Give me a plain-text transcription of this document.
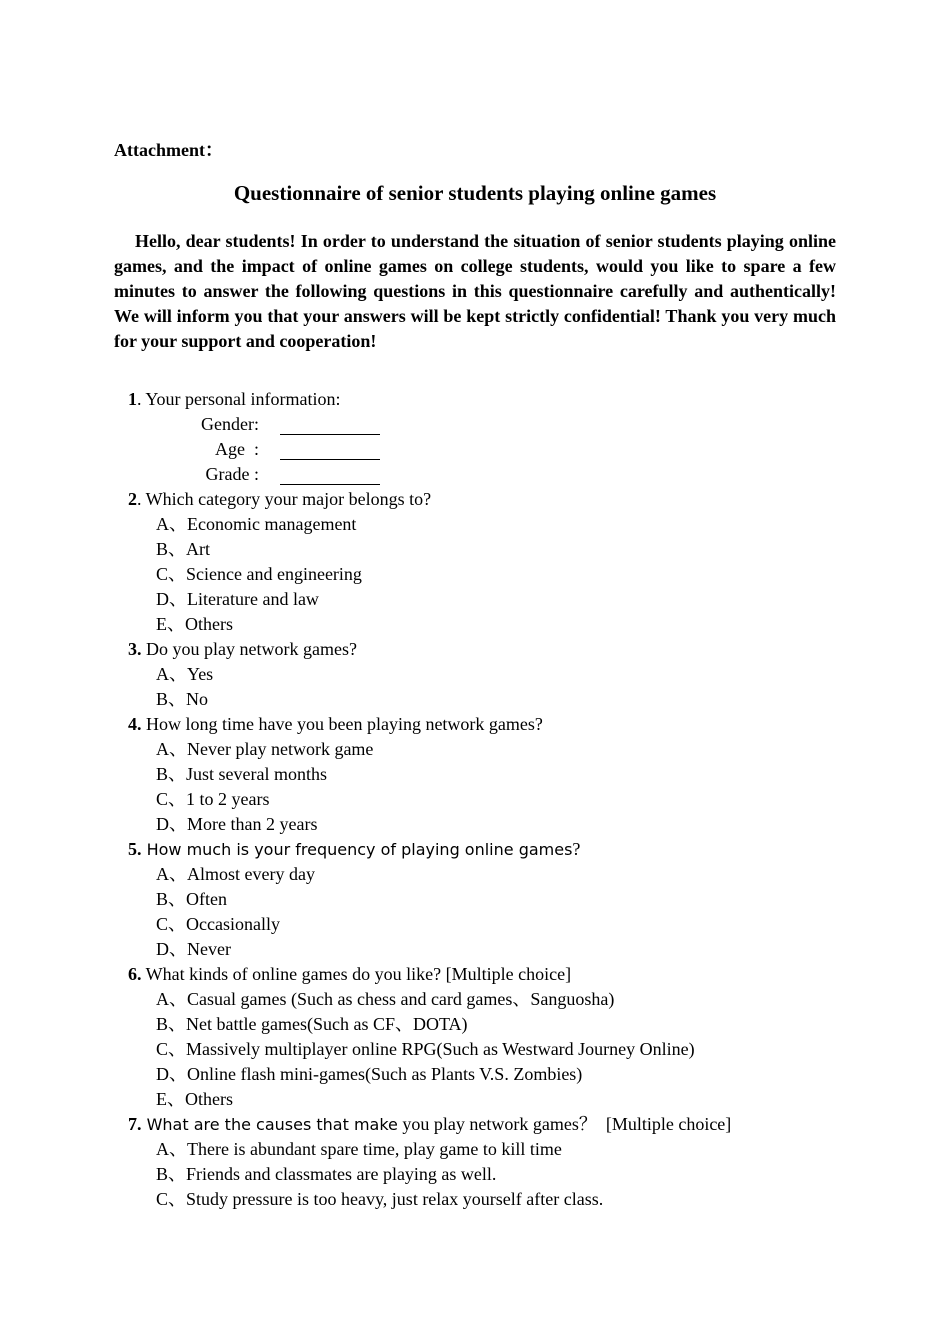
Attachment：
Questionnaire of senior students playing online games
Hello, dear students! In order to understand the situation of senior students playing online games, and the impact of online games on college students, would you like to spare a few minutes to answer the following questions in this questionnaire carefully and authentically! We will inform you that your answers will be kept strictly confidential! Thank you very much for your support and cooperation!
1. Your personal information:
Gender:
Age  :
Grade :
2. Which category your major belongs to?
A、Economic management
B、Art
C、Science and engineering
D、Literature and law
E、Others
3. Do you play network games?
A、Yes
B、No
4. How long time have you been playing network games?
A、Never play network game
B、Just several months
C、1 to 2 years
D、More than 2 years
5. How much is your frequency of playing online games?
A、Almost every day
B、Often
C、Occasionally
D、Never
6. What kinds of online games do you like? [Multiple choice]
A、Casual games (Such as chess and card games、Sanguosha)
B、Net battle games(Such as CF、DOTA)
C、Massively multiplayer online RPG(Such as Westward Journey Online)
D、Online flash mini-games(Such as Plants V.S. Zombies)
E、Others
7. What are the causes that make you play network games？  [Multiple choice]
A、There is abundant spare time, play game to kill time
B、Friends and classmates are playing as well.
C、Study pressure is too heavy, just relax yourself after class.
